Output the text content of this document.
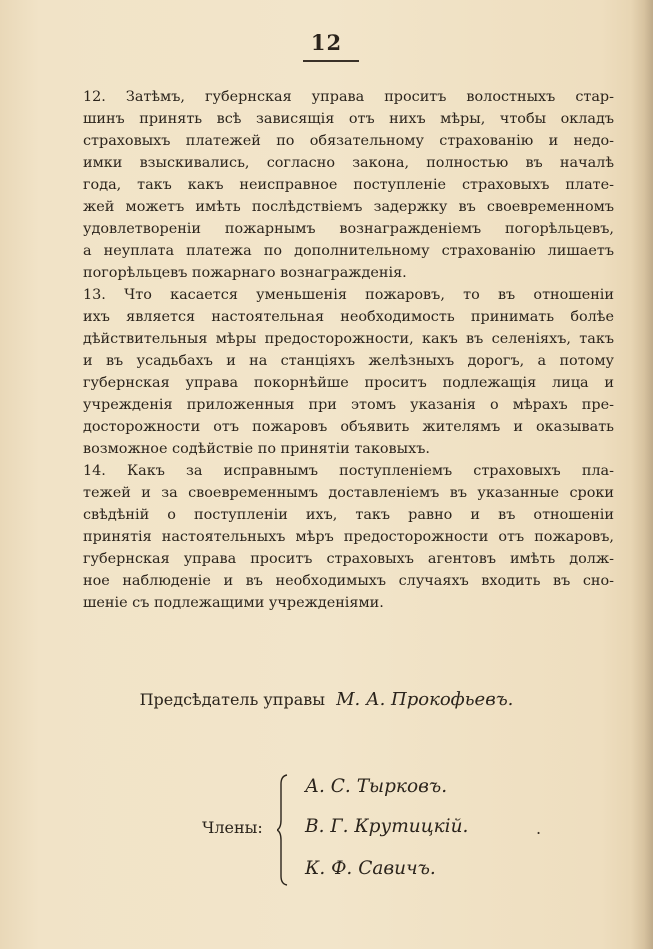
12
12. Затѣмъ, губернская управа проситъ волостныхъ стар-
шинъ принять всѣ зависящія отъ нихъ мѣры, чтобы окладъ
страховыхъ платежей по обязательному страхованію и недо-
имки взыскивались, согласно закона, полностью въ началѣ
года, такъ какъ неисправное поступленіе страховыхъ плате-
жей можетъ имѣть послѣдствіемъ задержку въ своевременномъ
удовлетвореніи пожарнымъ вознагражденіемъ погорѣльцевъ,
а неуплата платежа по дополнительному страхованію лишаетъ
погорѣльцевъ пожарнаго вознагражденія.
13. Что касается уменьшенія пожаровъ, то въ отношеніи
ихъ является настоятельная необходимость принимать болѣе
дѣйствительныя мѣры предосторожности, какъ въ селеніяхъ, такъ
и въ усадьбахъ и на станціяхъ желѣзныхъ дорогъ, а потому
губернская управа покорнѣйше проситъ подлежащія лица и
учрежденія приложенныя при этомъ указанія о мѣрахъ пре-
досторожности отъ пожаровъ объявить жителямъ и оказывать
возможное содѣйствіе по принятіи таковыхъ.
14. Какъ за исправнымъ поступленіемъ страховыхъ пла-
тежей и за своевременнымъ доставленіемъ въ указанные сроки
свѣдѣній о поступленіи ихъ, такъ равно и въ отношеніи
принятія настоятельныхъ мѣръ предосторожности отъ пожаровъ,
губернская управа проситъ страховыхъ агентовъ имѣть долж-
ное наблюденіе и въ необходимыхъ случаяхъ входить въ сно-
шеніе съ подлежащими учрежденіями.
Предсѣдатель управы М. А. Прокофьевъ.
Члены:
А. С. Тырковъ.
В. Г. Крутицкій.
К. Ф. Савичъ.
.
